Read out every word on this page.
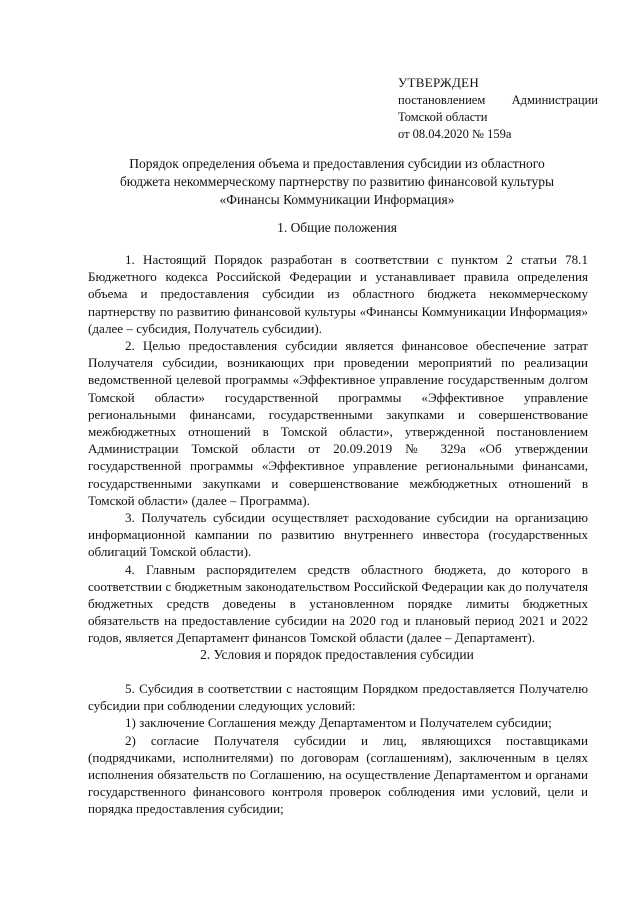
УТВЕРЖДЕН
постановлением Администрации
Томской области
от 08.04.2020 № 159а
Порядок определения объема и предоставления субсидии из областного
бюджета некоммерческому партнерству по развитию финансовой культуры
«Финансы Коммуникации Информация»
1. Общие положения

1. Настоящий Порядок разработан в соответствии с пунктом 2 статьи 78.1 Бюджетного кодекса Российской Федерации и устанавливает правила определения объема и предоставления субсидии из областного бюджета некоммерческому партнерству по развитию финансовой культуры «Финансы Коммуникации Информация» (далее – субсидия, Получатель субсидии).

2. Целью предоставления субсидии является финансовое обеспечение затрат Получателя субсидии, возникающих при проведении мероприятий по реализации ведомственной целевой программы «Эффективное управление государственным долгом Томской области» государственной программы «Эффективное управление региональными финансами, государственными закупками и совершенствование межбюджетных отношений в Томской области», утвержденной постановлением Администрации Томской области от 20.09.2019 № 329а «Об утверждении государственной программы «Эффективное управление региональными финансами, государственными закупками и совершенствование межбюджетных отношений в Томской области» (далее – Программа).

3. Получатель субсидии осуществляет расходование субсидии на организацию информационной кампании по развитию внутреннего инвестора (государственных облигаций Томской области).

4. Главным распорядителем средств областного бюджета, до которого в соответствии с бюджетным законодательством Российской Федерации как до получателя бюджетных средств доведены в установленном порядке лимиты бюджетных обязательств на предоставление субсидии на 2020 год и плановый период 2021 и 2022 годов, является Департамент финансов Томской области (далее – Департамент).

2. Условия и порядок предоставления субсидии

5. Субсидия в соответствии с настоящим Порядком предоставляется Получателю субсидии при соблюдении следующих условий:

1) заключение Соглашения между Департаментом и Получателем субсидии;

2) согласие Получателя субсидии и лиц, являющихся поставщиками (подрядчиками, исполнителями) по договорам (соглашениям), заключенным в целях исполнения обязательств по Соглашению, на осуществление Департаментом и органами государственного финансового контроля проверок соблюдения ими условий, цели и порядка предоставления субсидии;
